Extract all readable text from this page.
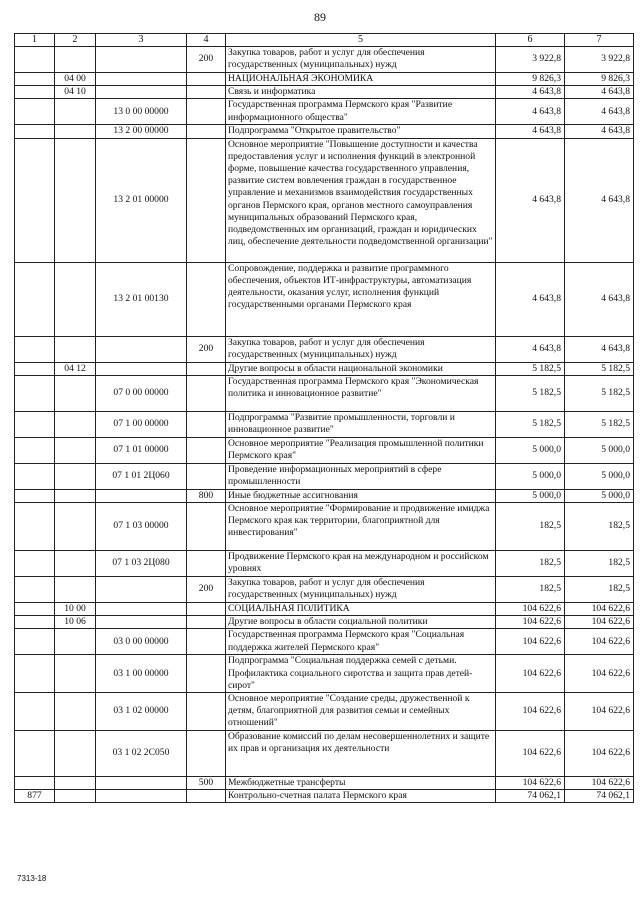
89
1	2	3	4	5	6	7
			200	Закупка товаров, работ и услуг для обеспечения государственных (муниципальных) нужд	3 922,8	3 922,8
	04 00			НАЦИОНАЛЬНАЯ ЭКОНОМИКА	9 826,3	9 826,3
	04 10			Связь и информатика	4 643,8	4 643,8
		13 0 00 00000		Государственная программа Пермского края "Развитие информационного общества"	4 643,8	4 643,8
		13 2 00 00000		Подпрограмма "Открытое правительство"	4 643,8	4 643,8
		13 2 01 00000		Основное мероприятие "Повышение доступности и качества предоставления услуг и исполнения функций в электронной форме, повышение качества государственного управления, развитие систем вовлечения граждан в государственное управление и механизмов взаимодействия государственных органов Пермского края, органов местного самоуправления муниципальных образований Пермского края, подведомственных им организаций, граждан и юридических лиц, обеспечение деятельности подведомственной организации"	4 643,8	4 643,8
		13 2 01 00130		Сопровождение, поддержка и развитие программного обеспечения, объектов ИТ-инфраструктуры, автоматизация деятельности, оказания услуг, исполнения функций государственными органами Пермского края	4 643,8	4 643,8
			200	Закупка товаров, работ и услуг для обеспечения государственных (муниципальных) нужд	4 643,8	4 643,8
	04 12			Другие вопросы в области национальной экономики	5 182,5	5 182,5
		07 0 00 00000		Государственная программа Пермского края "Экономическая политика и инновационное развитие"	5 182,5	5 182,5
		07 1 00 00000		Подпрограмма "Развитие промышленности, торговли и инновационное развитие"	5 182,5	5 182,5
		07 1 01 00000		Основное мероприятие "Реализация промышленной политики Пермского края"	5 000,0	5 000,0
		07 1 01 2Ц060		Проведение информационных мероприятий в сфере промышленности	5 000,0	5 000,0
			800	Иные бюджетные ассигнования	5 000,0	5 000,0
		07 1 03 00000		Основное мероприятие "Формирование и продвижение имиджа Пермского края как территории, благоприятной для инвестирования"	182,5	182,5
		07 1 03 2Ц080		Продвижение Пермского края на международном и российском уровнях	182,5	182,5
			200	Закупка товаров, работ и услуг для обеспечения государственных (муниципальных) нужд	182,5	182,5
	10 00			СОЦИАЛЬНАЯ ПОЛИТИКА	104 622,6	104 622,6
	10 06			Другие вопросы в области социальной политики	104 622,6	104 622,6
		03 0 00 00000		Государственная программа Пермского края "Социальная поддержка жителей Пермского края"	104 622,6	104 622,6
		03 1 00 00000		Подпрограмма "Социальная поддержка семей с детьми. Профилактика социального сиротства и защита прав детей-сирот"	104 622,6	104 622,6
		03 1 02 00000		Основное мероприятие "Создание среды, дружественной к детям, благоприятной для развития семьи и семейных отношений"	104 622,6	104 622,6
		03 1 02 2С050		Образование комиссий по делам несовершеннолетних и защите их прав и организация их деятельности	104 622,6	104 622,6
			500	Межбюджетные трансферты	104 622,6	104 622,6
877				Контрольно-счетная палата Пермского края	74 062,1	74 062,1
7313-18
